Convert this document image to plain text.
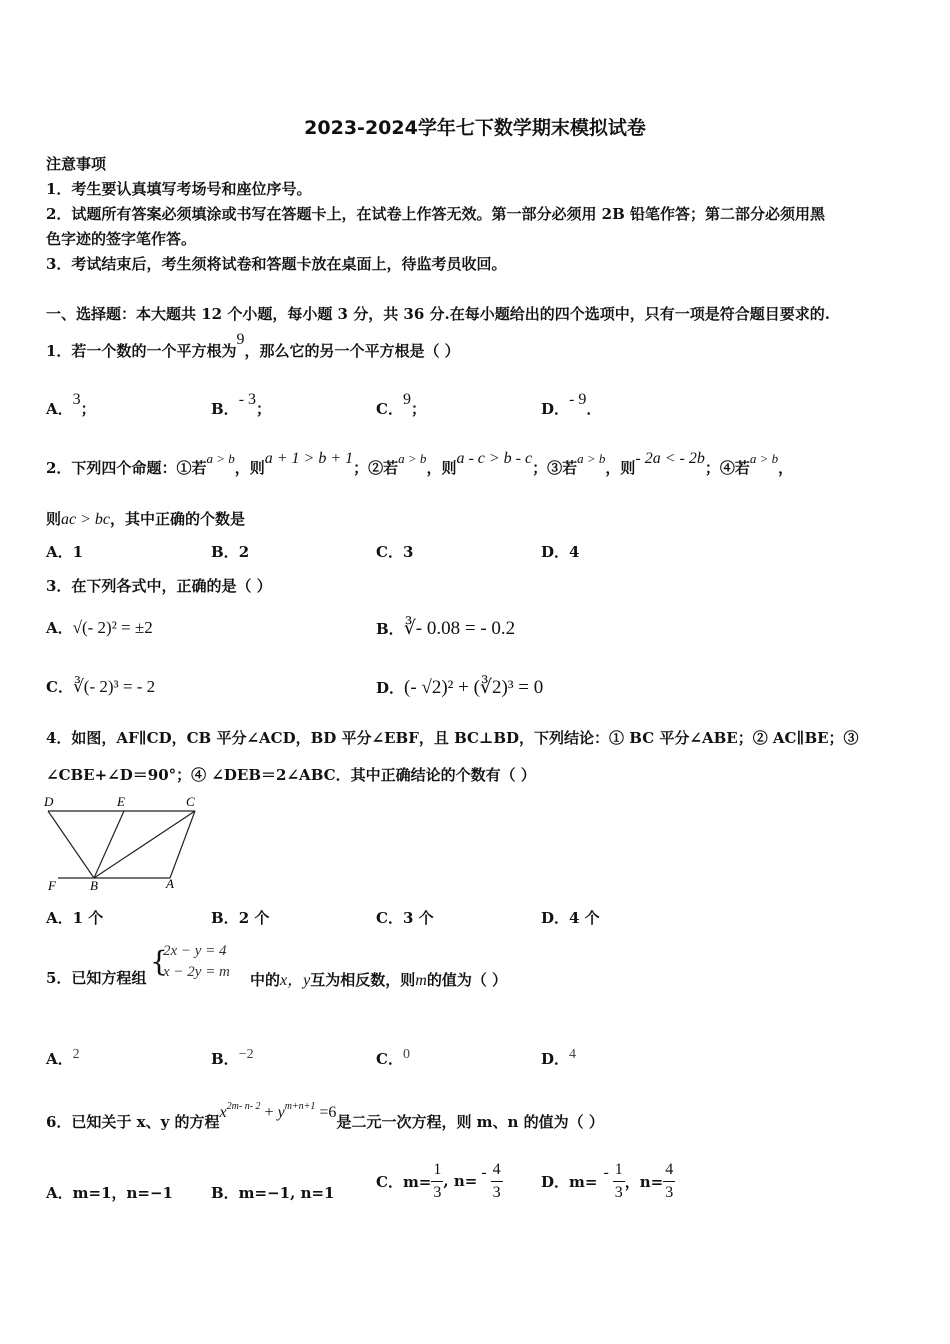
2023-2024学年七下数学期末模拟试卷
注意事项
1．考生要认真填写考场号和座位序号。
2．试题所有答案必须填涂或书写在答题卡上，在试卷上作答无效。第一部分必须用 2B 铅笔作答；第二部分必须用黑
色字迹的签字笔作答。
3．考试结束后，考生须将试卷和答题卡放在桌面上，待监考员收回。
一、选择题：本大题共 12 个小题，每小题 3 分，共 36 分.在每小题给出的四个选项中，只有一项是符合题目要求的.
1．若一个数的一个平方根为9，那么它的另一个平方根是（ ）
A．3；	B．- 3；	C．9；	D．- 9．
2．下列四个命题：①若a > b，则a + 1 > b + 1；②若a > b，则a - c > b - c；③若a > b，则- 2a < - 2b；④若a > b，
则ac > bc，其中正确的个数是
A．1	B．2	C．3	D．4
3．在下列各式中，正确的是（ ）
A．√(- 2)² = ±2	B．∛- 0.08 = - 0.2
C．∛(- 2)³ = - 2	D．(- √2)² + (∛2)³ = 0
4．如图，AF∥CD，CB 平分∠ACD，BD 平分∠EBF，且 BC⊥BD，下列结论：① BC 平分∠ABE；② AC∥BE；③
∠CBE+∠D＝90°；④ ∠DEB＝2∠ABC．其中正确结论的个数有（ ）
D	E	C
F	B	A
A．1 个	B．2 个	C．3 个	D．4 个
5．已知方程组 {
2x − y = 4
x − 2y = m 中的x，y互为相反数，则m的值为（ ）
A．2	B．−2	C．0	D．4
6．已知关于 x、y 的方程$x^{2m- n- 2} + y^{m+n+1} =6$是二元一次方程，则 m、n 的值为（ ）
A．m=1，n=−1	B．m=−1, n=1
C．$m= \frac{1}{3}$ , $n= - \frac{4}{3}$	D．$m= - \frac{1}{3}$ ，$n= \frac{4}{3}$
